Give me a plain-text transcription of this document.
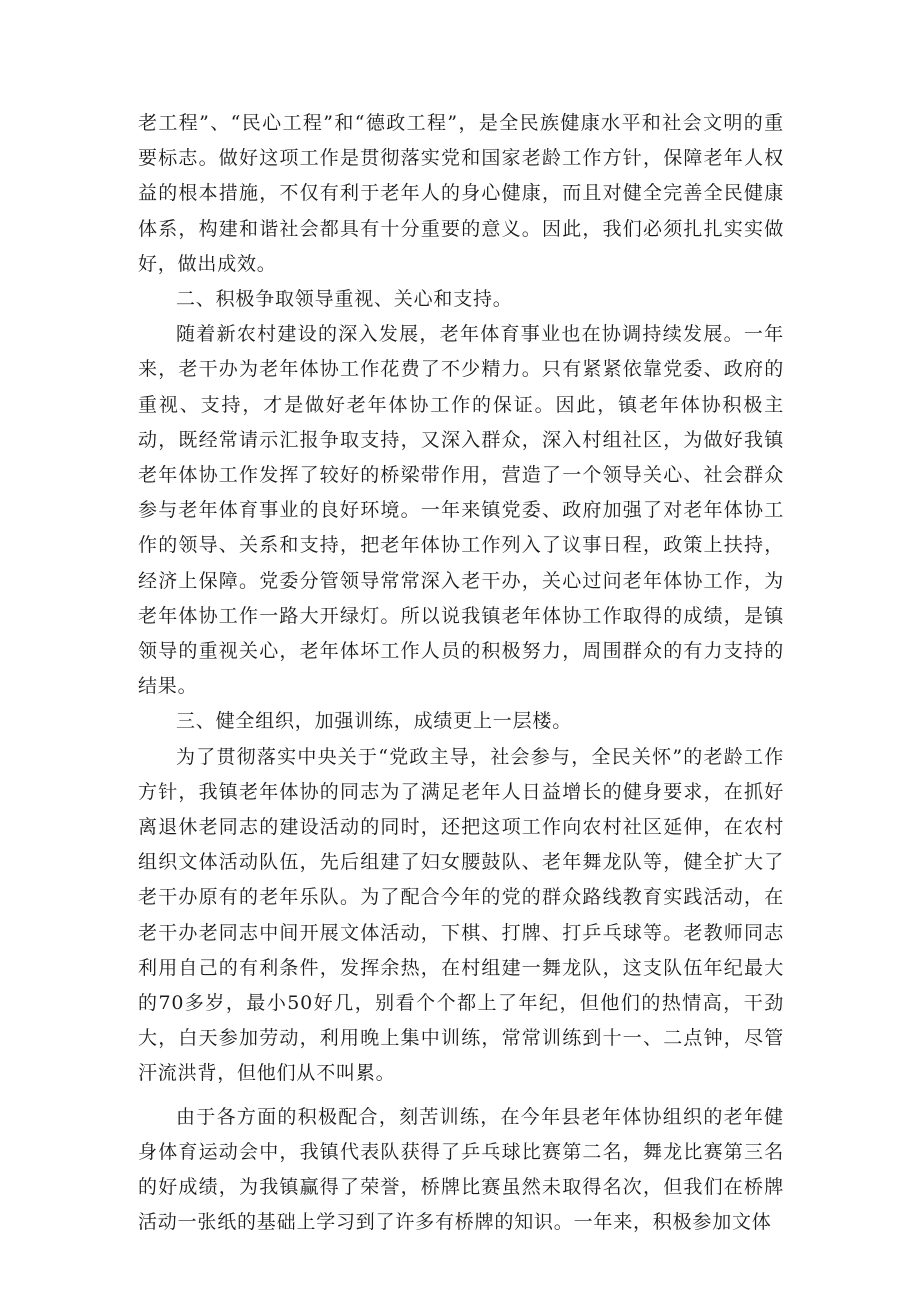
老工程”、“民心工程”和“德政工程”，是全民族健康水平和社会文明的重要标志。做好这项工作是贯彻落实党和国家老龄工作方针，保障老年人权益的根本措施，不仅有利于老年人的身心健康，而且对健全完善全民健康体系，构建和谐社会都具有十分重要的意义。因此，我们必须扎扎实实做好，做出成效。

二、积极争取领导重视、关心和支持。

随着新农村建设的深入发展，老年体育事业也在协调持续发展。一年来，老干办为老年体协工作花费了不少精力。只有紧紧依靠党委、政府的重视、支持，才是做好老年体协工作的保证。因此，镇老年体协积极主动，既经常请示汇报争取支持，又深入群众，深入村组社区，为做好我镇老年体协工作发挥了较好的桥梁带作用，营造了一个领导关心、社会群众参与老年体育事业的良好环境。一年来镇党委、政府加强了对老年体协工作的领导、关系和支持，把老年体协工作列入了议事日程，政策上扶持，经济上保障。党委分管领导常常深入老干办，关心过问老年体协工作，为老年体协工作一路大开绿灯。所以说我镇老年体协工作取得的成绩，是镇领导的重视关心，老年体坏工作人员的积极努力，周围群众的有力支持的结果。

三、健全组织，加强训练，成绩更上一层楼。

为了贯彻落实中央关于“党政主导，社会参与，全民关怀”的老龄工作方针，我镇老年体协的同志为了满足老年人日益增长的健身要求，在抓好离退休老同志的建设活动的同时，还把这项工作向农村社区延伸，在农村组织文体活动队伍，先后组建了妇女腰鼓队、老年舞龙队等，健全扩大了老干办原有的老年乐队。为了配合今年的党的群众路线教育实践活动，在老干办老同志中间开展文体活动，下棋、打牌、打乒乓球等。老教师同志利用自己的有利条件，发挥余热，在村组建一舞龙队，这支队伍年纪最大的70多岁，最小50好几，别看个个都上了年纪，但他们的热情高，干劲大，白天参加劳动，利用晚上集中训练，常常训练到十一、二点钟，尽管汗流洪背，但他们从不叫累。

由于各方面的积极配合，刻苦训练，在今年县老年体协组织的老年健身体育运动会中，我镇代表队获得了乒乓球比赛第二名，舞龙比赛第三名的好成绩，为我镇赢得了荣誉，桥牌比赛虽然未取得名次，但我们在桥牌活动一张纸的基础上学习到了许多有桥牌的知识。一年来，积极参加文体
